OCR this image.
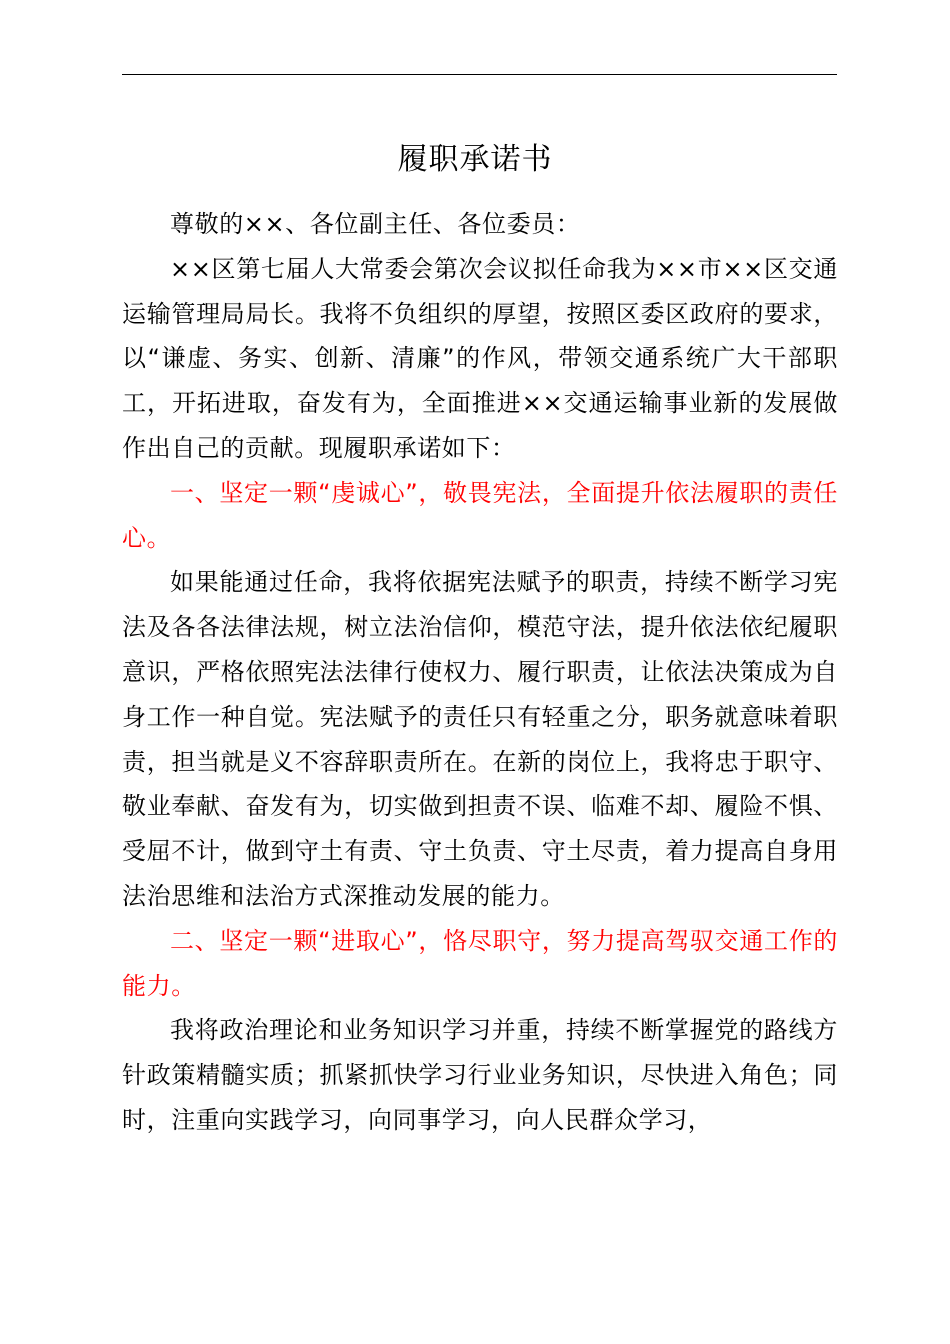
履职承诺书

尊敬的××、各位副主任、各位委员：

××区第七届人大常委会第次会议拟任命我为××市××区交通运输管理局局长。我将不负组织的厚望，按照区委区政府的要求，以“谦虚、务实、创新、清廉”的作风，带领交通系统广大干部职工，开拓进取，奋发有为，全面推进××交通运输事业新的发展做作出自己的贡献。现履职承诺如下：

一、坚定一颗“虔诚心”，敬畏宪法，全面提升依法履职的责任心。

如果能通过任命，我将依据宪法赋予的职责，持续不断学习宪法及各各法律法规，树立法治信仰，模范守法，提升依法依纪履职意识，严格依照宪法法律行使权力、履行职责，让依法决策成为自身工作一种自觉。宪法赋予的责任只有轻重之分，职务就意味着职责，担当就是义不容辞职责所在。在新的岗位上，我将忠于职守、敬业奉献、奋发有为，切实做到担责不误、临难不却、履险不惧、受屈不计，做到守土有责、守土负责、守土尽责，着力提高自身用法治思维和法治方式深推动发展的能力。

二、坚定一颗“进取心”，恪尽职守，努力提高驾驭交通工作的能力。

我将政治理论和业务知识学习并重，持续不断掌握党的路线方针政策精髓实质；抓紧抓快学习行业业务知识，尽快进入角色；同时，注重向实践学习，向同事学习，向人民群众学习，
